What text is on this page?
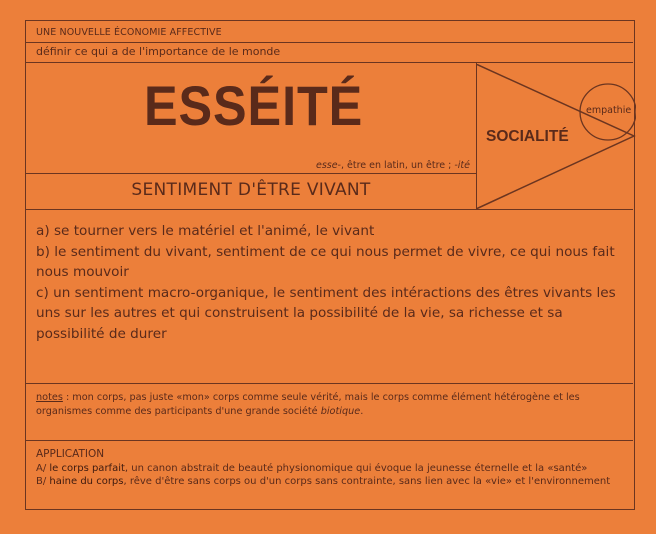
UNE NOUVELLE ÉCONOMIE AFFECTIVE
définir ce qui a de l'importance de le monde
ESSÉITÉ
esse-, être en latin, un être ; -ité
SENTIMENT D'ÊTRE VIVANT
SOCIALITÉ
empathie
a) se tourner vers le matériel et l'animé, le vivant
b) le sentiment du vivant, sentiment de ce qui nous permet de vivre, ce qui nous fait nous mouvoir
c) un sentiment macro-organique, le sentiment des intéractions des êtres vivants les uns sur les autres et qui construisent la possibilité de la vie, sa richesse et sa possibilité de durer
notes : mon corps, pas juste «mon» corps comme seule vérité, mais le corps comme élément hétérogène et les organismes comme des participants d'une grande société biotique.
APPLICATION
A/ le corps parfait, un canon abstrait de beauté physionomique qui évoque la jeunesse éternelle et la «santé»
B/ haine du corps, rêve d'être sans corps ou d'un corps sans contrainte, sans lien avec la «vie» et l'environnement
